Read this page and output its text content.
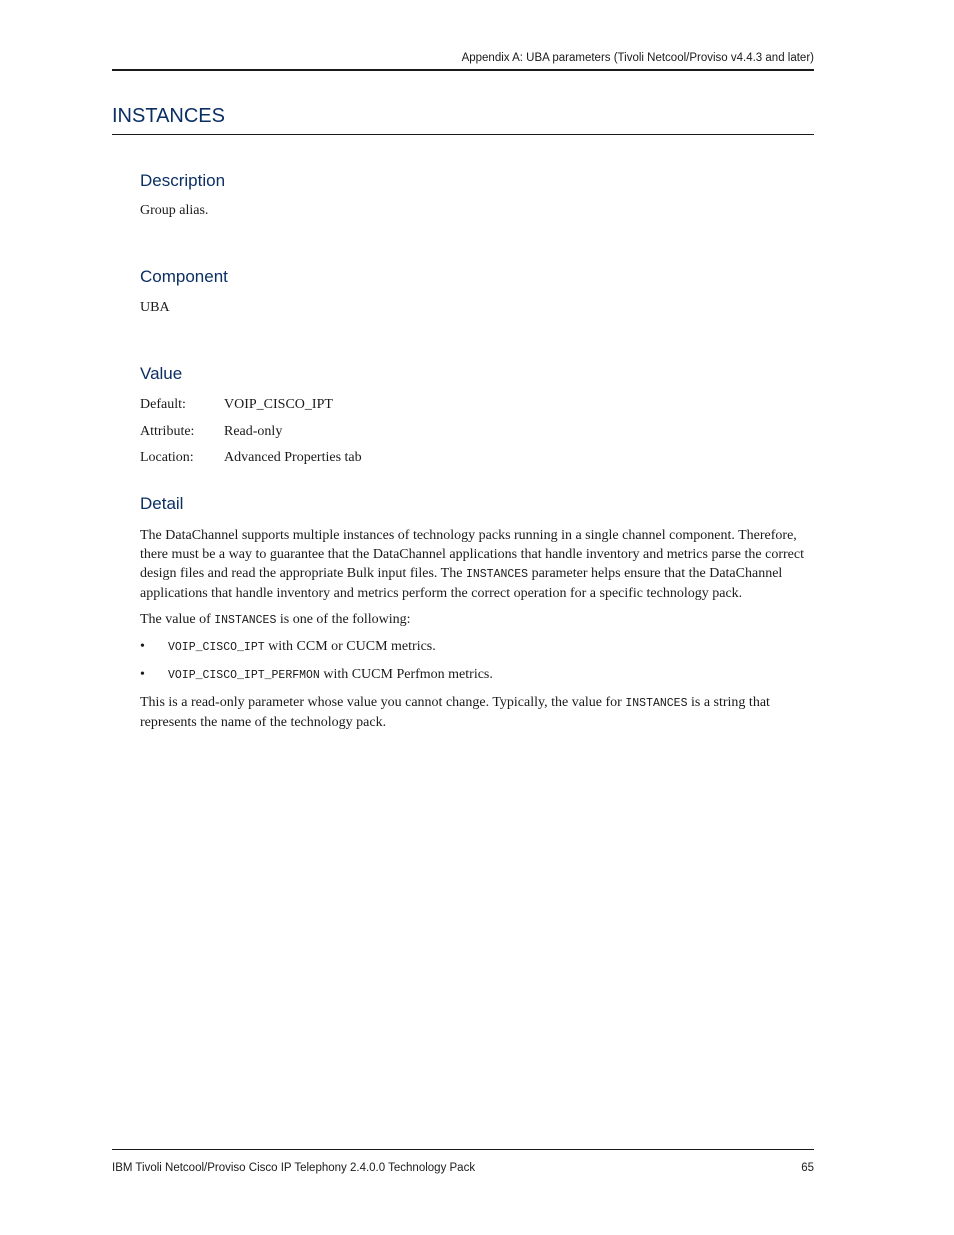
Appendix A: UBA parameters (Tivoli Netcool/Proviso v4.4.3 and later)
INSTANCES
Description

Group alias.

Component

UBA

Value
Default:	VOIP_CISCO_IPT
Attribute:	Read-only
Location:	Advanced Properties tab
Detail

The DataChannel supports multiple instances of technology packs running in a single channel component. Therefore, there must be a way to guarantee that the DataChannel applications that handle inventory and metrics parse the correct design files and read the appropriate Bulk input files. The INSTANCES parameter helps ensure that the DataChannel applications that handle inventory and metrics perform the correct operation for a specific technology pack.

The value of INSTANCES is one of the following:

• VOIP_CISCO_IPT with CCM or CUCM metrics.
• VOIP_CISCO_IPT_PERFMON with CUCM Perfmon metrics.

This is a read-only parameter whose value you cannot change. Typically, the value for INSTANCES is a string that represents the name of the technology pack.

IBM Tivoli Netcool/Proviso Cisco IP Telephony 2.4.0.0 Technology Pack	65
